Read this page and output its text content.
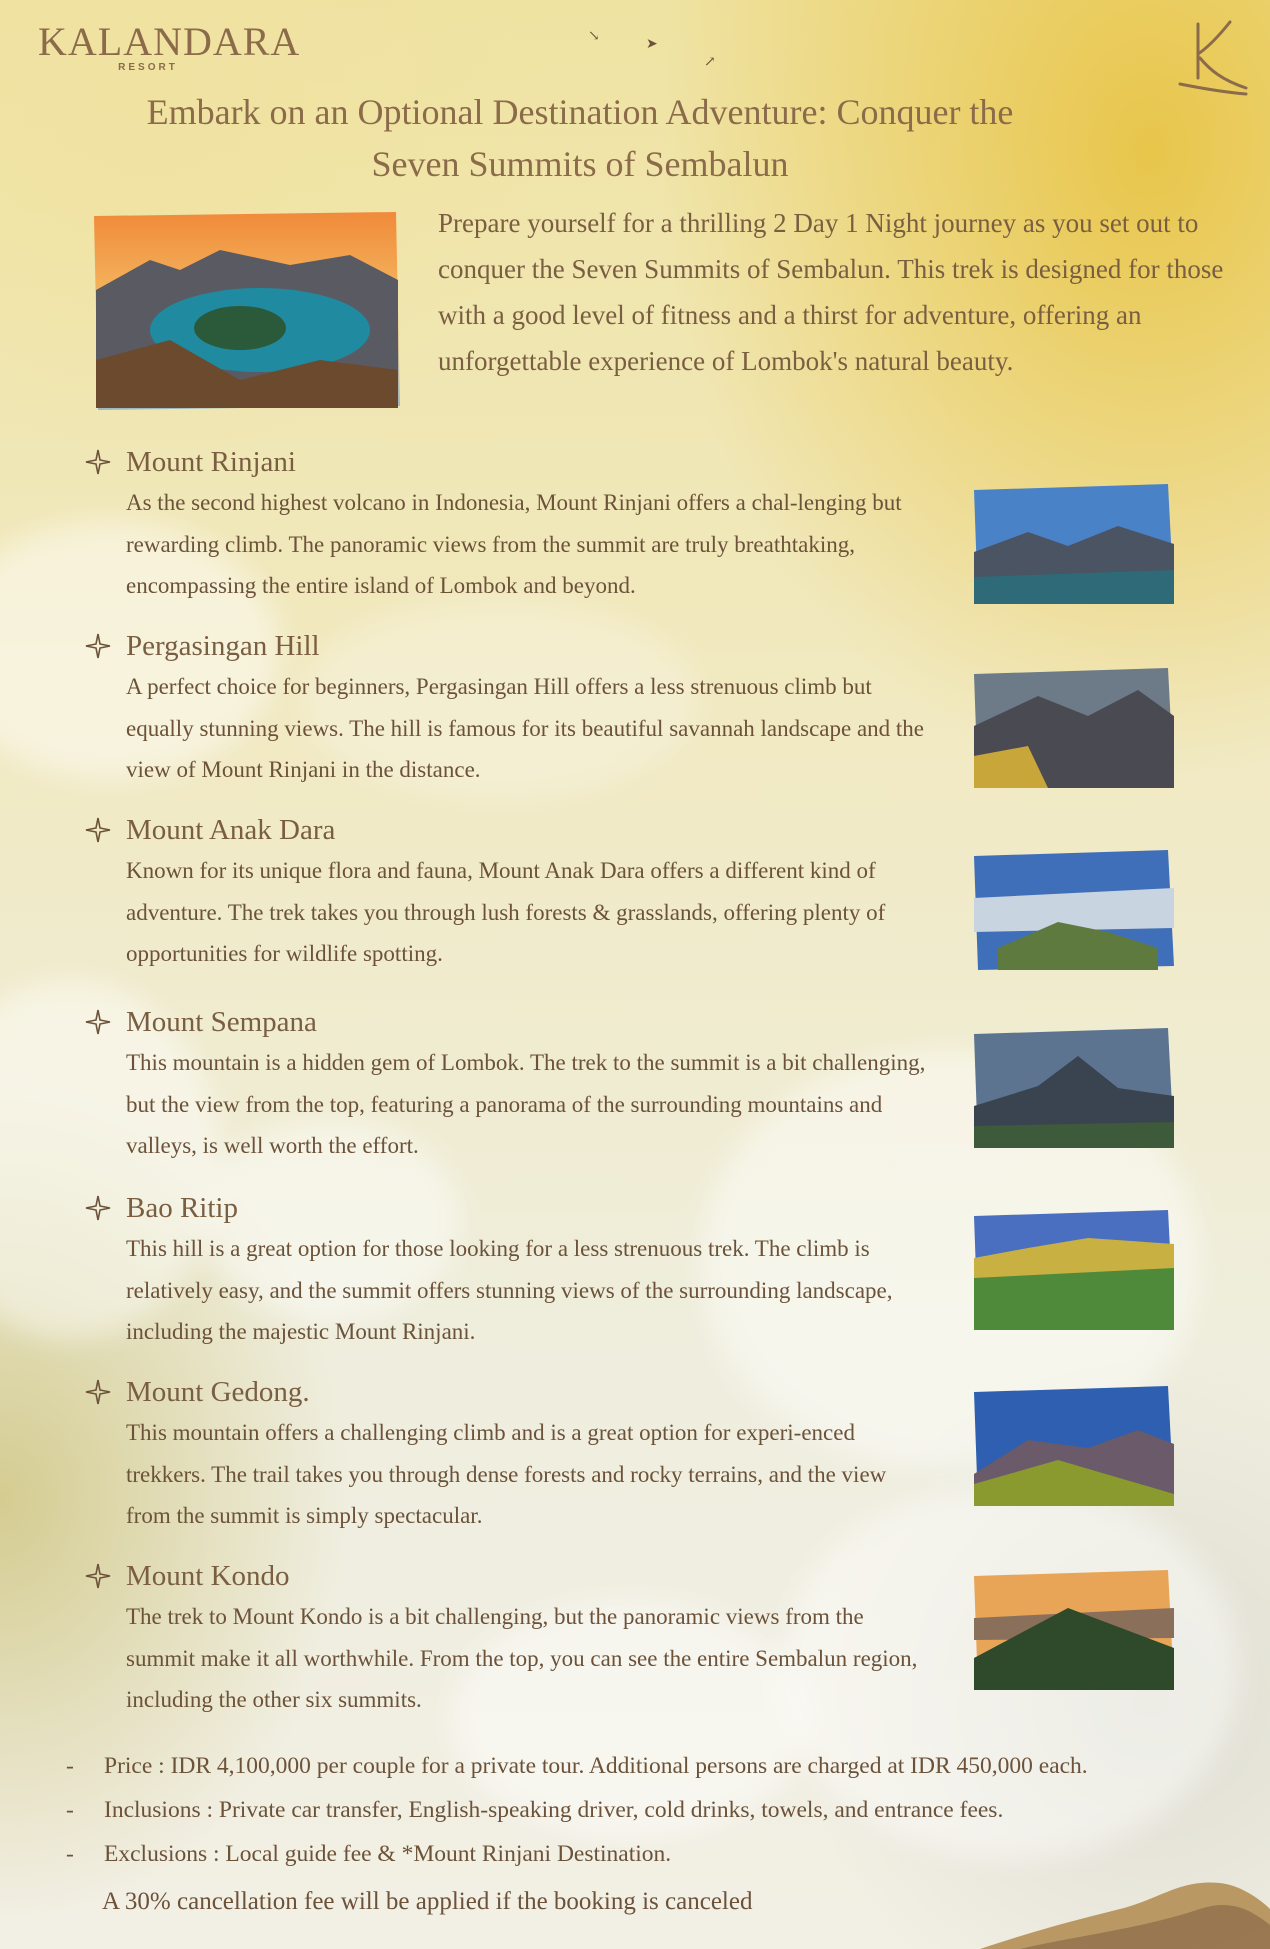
KALANDARA
RESORT
↘	➤
↗
Embark on an Optional Destination Adventure: Conquer the
Seven Summits of Sembalun
Prepare yourself for a thrilling 2 Day 1 Night journey as you set out to conquer the Seven Summits of Sembalun. This trek is designed for those with a good level of fitness and a thirst for adventure, offering an unforgettable experience of Lombok's natural beauty.
Mount Rinjani
As the second highest volcano in Indonesia, Mount Rinjani offers a chal-lenging but rewarding climb. The panoramic views from the summit are truly breathtaking, encompassing the entire island of Lombok and beyond.
Pergasingan Hill
A perfect choice for beginners, Pergasingan Hill offers a less strenuous climb but equally stunning views. The hill is famous for its beautiful savannah landscape and the view of Mount Rinjani in the distance.
Mount Anak Dara
Known for its unique flora and fauna, Mount Anak Dara offers a different kind of adventure. The trek takes you through lush forests & grasslands, offering plenty of opportunities for wildlife spotting.
Mount Sempana
This mountain is a hidden gem of Lombok. The trek to the summit is a bit challenging, but the view from the top, featuring a panorama of the surrounding mountains and valleys, is well worth the effort.
Bao Ritip
This hill is a great option for those looking for a less strenuous trek. The climb is relatively easy, and the summit offers stunning views of the surrounding landscape, including the majestic Mount Rinjani.
Mount Gedong.
This mountain offers a challenging climb and is a great option for experi-enced trekkers. The trail takes you through dense forests and rocky terrains, and the view from the summit is simply spectacular.
Mount Kondo
The trek to Mount Kondo is a bit challenging, but the panoramic views from the summit make it all worthwhile. From the top, you can see the entire Sembalun region, including the other six summits.
-	Price : IDR 4,100,000 per couple for a private tour. Additional persons are charged at IDR 450,000 each.
-	Inclusions : Private car transfer, English-speaking driver, cold drinks, towels, and entrance fees.
-	Exclusions : Local guide fee & *Mount Rinjani Destination.
A 30% cancellation fee will be applied if the booking is canceled
